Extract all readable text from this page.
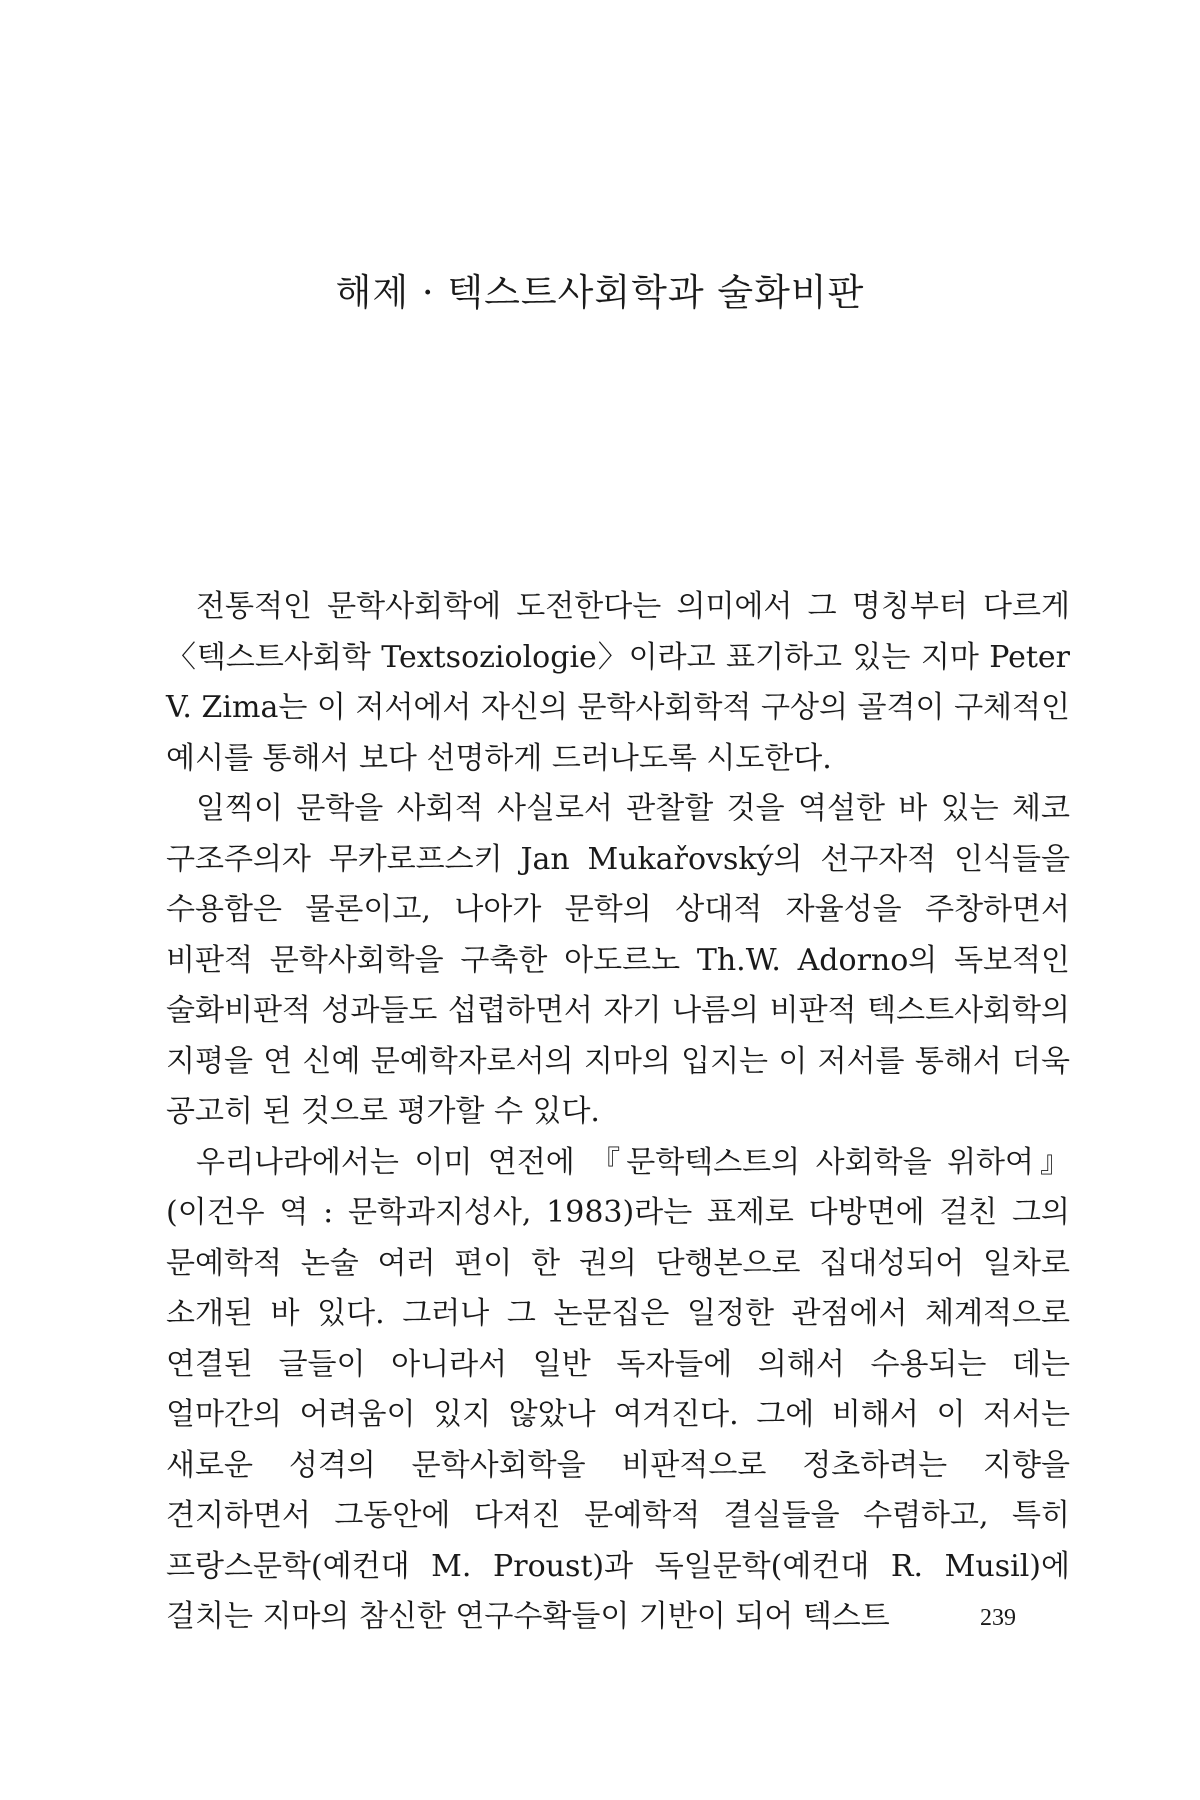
해제 · 텍스트사회학과 술화비판

전통적인 문학사회학에 도전한다는 의미에서 그 명칭부터 다르게 〈텍스트사회학 Textsoziologie〉이라고 표기하고 있는 지마 Peter V. Zima는 이 저서에서 자신의 문학사회학적 구상의 골격이 구체적인 예시를 통해서 보다 선명하게 드러나도록 시도한다.

일찍이 문학을 사회적 사실로서 관찰할 것을 역설한 바 있는 체코 구조주의자 무카로프스키 Jan Mukařovský의 선구자적 인식들을 수용함은 물론이고, 나아가 문학의 상대적 자율성을 주창하면서 비판적 문학사회학을 구축한 아도르노 Th.W. Adorno의 독보적인 술화비판적 성과들도 섭렵하면서 자기 나름의 비판적 텍스트사회학의 지평을 연 신예 문예학자로서의 지마의 입지는 이 저서를 통해서 더욱 공고히 된 것으로 평가할 수 있다.

우리나라에서는 이미 연전에 『문학텍스트의 사회학을 위하여』(이건우 역 : 문학과지성사, 1983)라는 표제로 다방면에 걸친 그의 문예학적 논술 여러 편이 한 권의 단행본으로 집대성되어 일차로 소개된 바 있다. 그러나 그 논문집은 일정한 관점에서 체계적으로 연결된 글들이 아니라서 일반 독자들에 의해서 수용되는 데는 얼마간의 어려움이 있지 않았나 여겨진다. 그에 비해서 이 저서는 새로운 성격의 문학사회학을 비판적으로 정초하려는 지향을 견지하면서 그동안에 다져진 문예학적 결실들을 수렴하고, 특히 프랑스문학(예컨대 M. Proust)과 독일문학(예컨대 R. Musil)에 걸치는 지마의 참신한 연구수확들이 기반이 되어 텍스트	239
